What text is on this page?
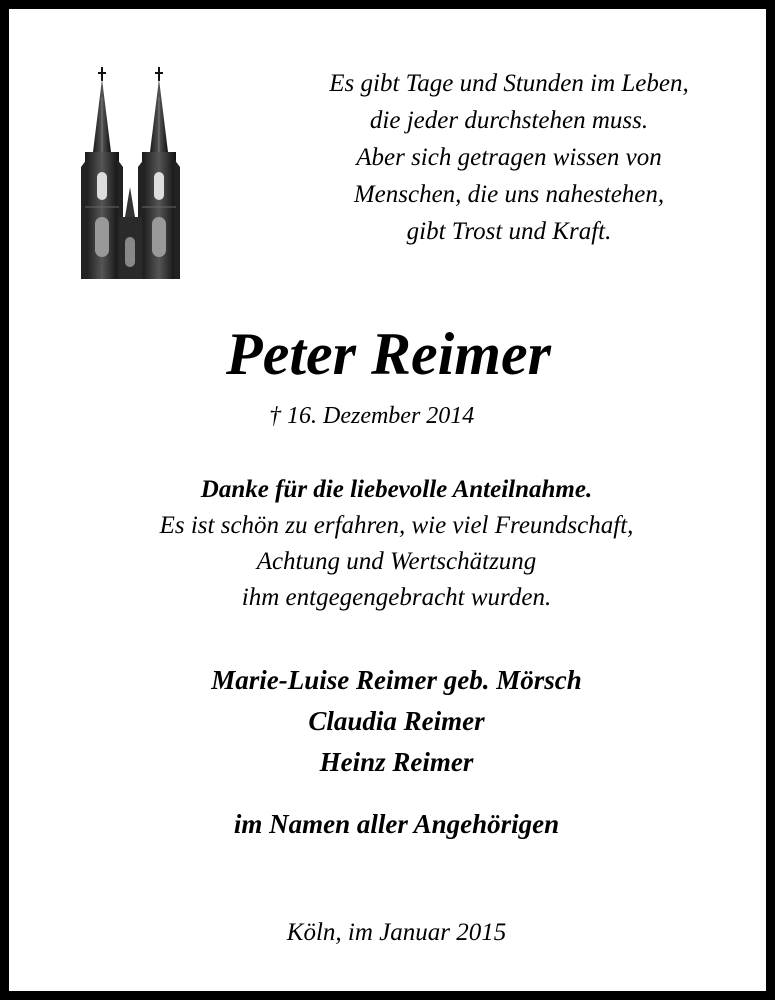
Es gibt Tage und Stunden im Leben,
die jeder durchstehen muss.
Aber sich getragen wissen von
Menschen, die uns nahestehen,
gibt Trost und Kraft.
Peter Reimer
† 16. Dezember 2014
Danke für die liebevolle Anteilnahme.
Es ist schön zu erfahren, wie viel Freundschaft,
Achtung und Wertschätzung
ihm entgegengebracht wurden.
Marie-Luise Reimer geb. Mörsch
Claudia Reimer
Heinz Reimer
im Namen aller Angehörigen
Köln, im Januar 2015
